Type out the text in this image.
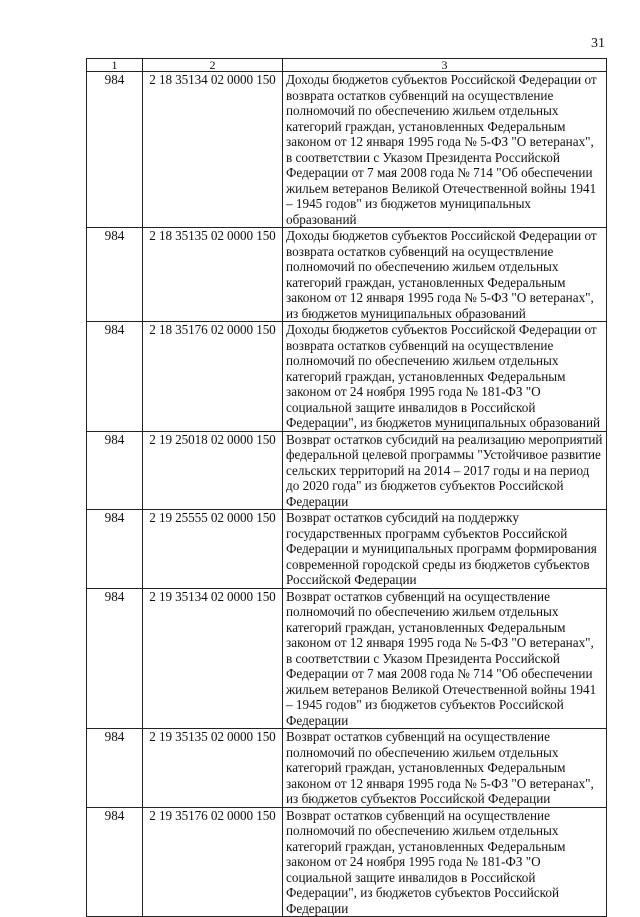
31
1	2	3
984	2 18 35134 02 0000 150	Доходы бюджетов субъектов Российской Федерации от возврата остатков субвенций на осуществление полномочий по обеспечению жильем отдельных категорий граждан, установленных Федеральным законом от 12 января 1995 года № 5-ФЗ "О ветеранах", в соответствии с Указом Президента Российской Федерации от 7 мая 2008 года № 714 "Об обеспечении жильем ветеранов Великой Отечественной войны 1941 – 1945 годов" из бюджетов муниципальных образований
984	2 18 35135 02 0000 150	Доходы бюджетов субъектов Российской Федерации от возврата остатков субвенций на осуществление полномочий по обеспечению жильем отдельных категорий граждан, установленных Федеральным законом от 12 января 1995 года № 5-ФЗ "О ветеранах", из бюджетов муниципальных образований
984	2 18 35176 02 0000 150	Доходы бюджетов субъектов Российской Федерации от возврата остатков субвенций на осуществление полномочий по обеспечению жильем отдельных категорий граждан, установленных Федеральным законом от 24 ноября 1995 года № 181-ФЗ "О социальной защите инвалидов в Российской Федерации", из бюджетов муниципальных образований
984	2 19 25018 02 0000 150	Возврат остатков субсидий на реализацию мероприятий федеральной целевой программы "Устойчивое развитие сельских территорий на 2014 – 2017 годы и на период до 2020 года" из бюджетов субъектов Российской Федерации
984	2 19 25555 02 0000 150	Возврат остатков субсидий на поддержку государственных программ субъектов Российской Федерации и муниципальных программ формирования современной городской среды из бюджетов субъектов Российской Федерации
984	2 19 35134 02 0000 150	Возврат остатков субвенций на осуществление полномочий по обеспечению жильем отдельных категорий граждан, установленных Федеральным законом от 12 января 1995 года № 5-ФЗ "О ветеранах", в соответствии с Указом Президента Российской Федерации от 7 мая 2008 года № 714 "Об обеспечении жильем ветеранов Великой Отечественной войны 1941 – 1945 годов" из бюджетов субъектов Российской Федерации
984	2 19 35135 02 0000 150	Возврат остатков субвенций на осуществление полномочий по обеспечению жильем отдельных категорий граждан, установленных Федеральным законом от 12 января 1995 года № 5-ФЗ "О ветеранах", из бюджетов субъектов Российской Федерации
984	2 19 35176 02 0000 150	Возврат остатков субвенций на осуществление полномочий по обеспечению жильем отдельных категорий граждан, установленных Федеральным законом от 24 ноября 1995 года № 181-ФЗ "О социальной защите инвалидов в Российской Федерации", из бюджетов субъектов Российской Федерации
